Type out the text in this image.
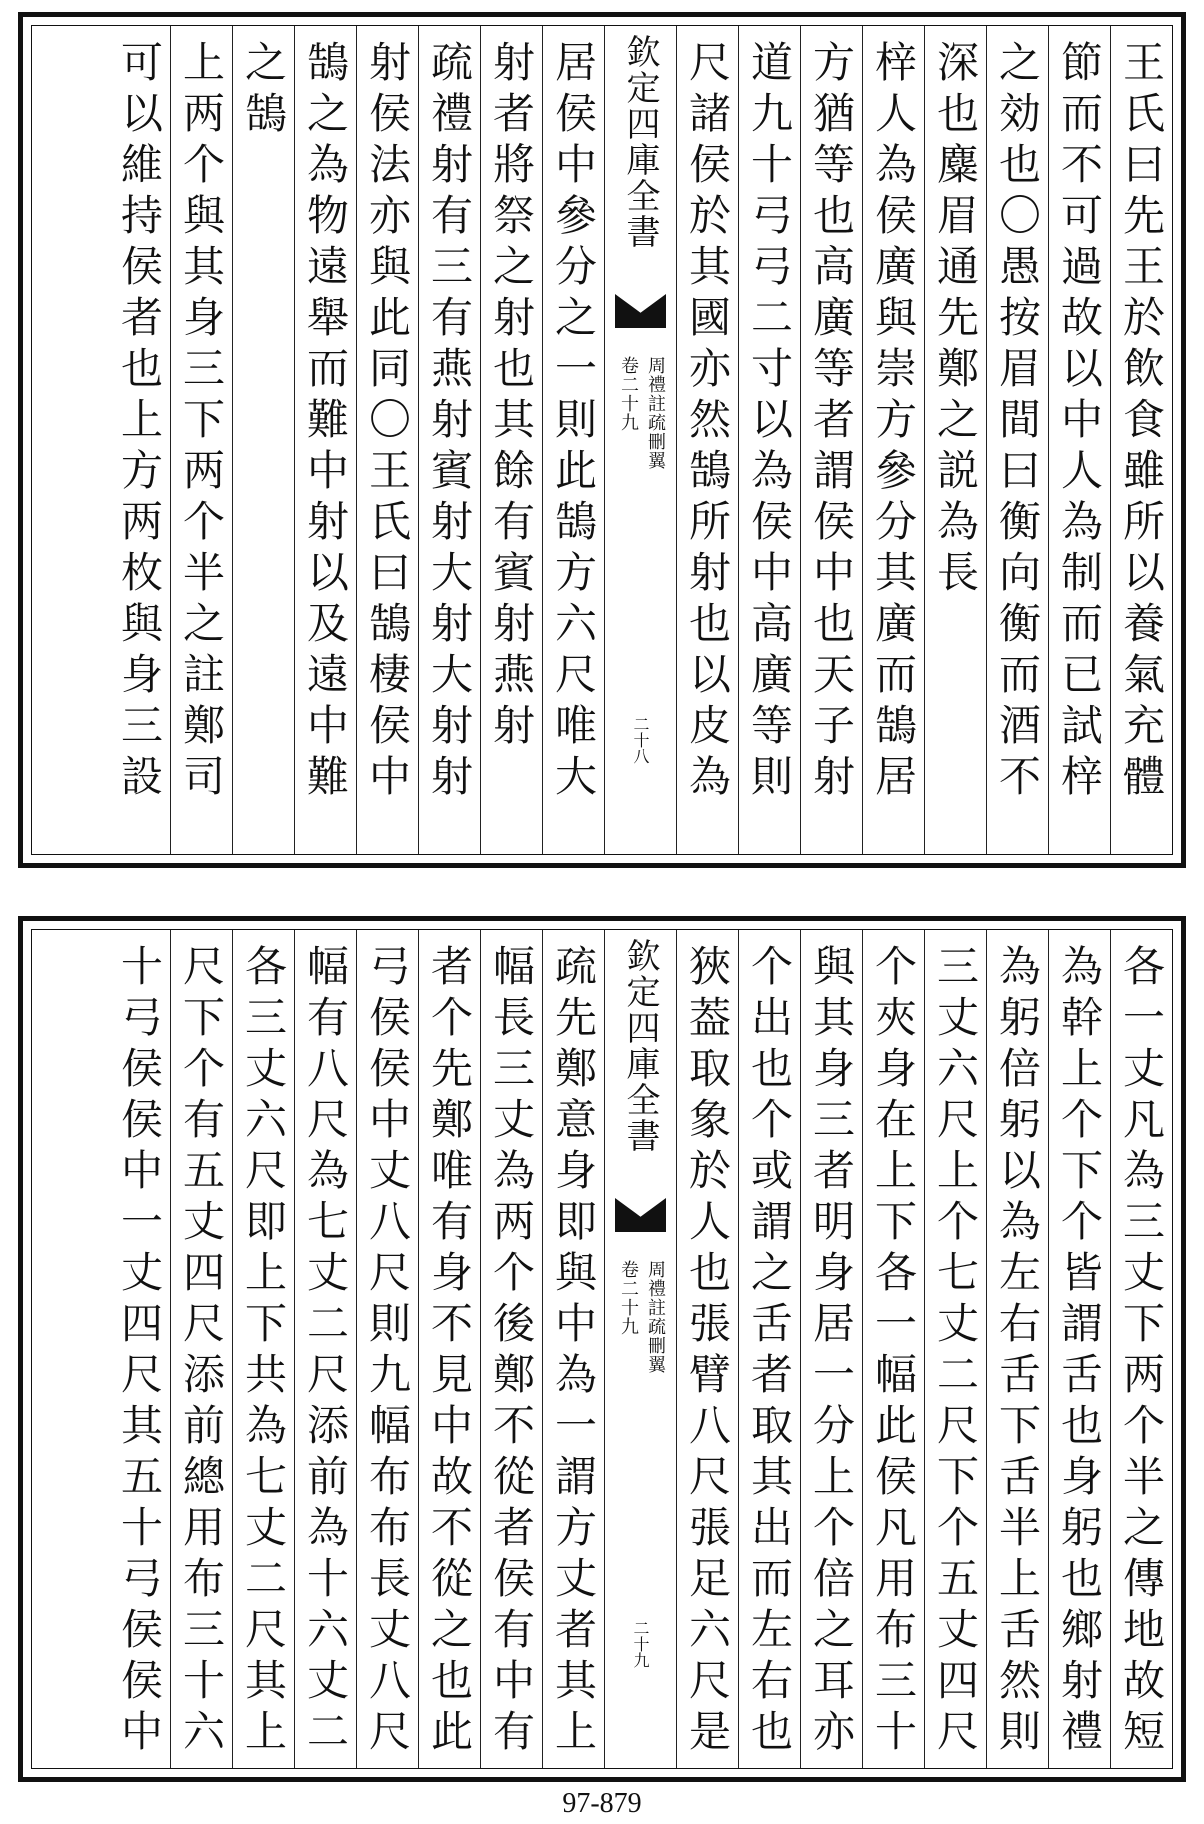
王氏曰先王於飲食雖所以養氣充體
節而不可過故以中人為制而已試梓
之効也〇愚按眉間曰衡向衡而酒不
深也麋眉通先鄭之説為長
梓人為侯廣與崇方參分其廣而鵠居
方猶等也高廣等者謂侯中也天子射
道九十弓弓二寸以為侯中高廣等則
尺諸侯於其國亦然鵠所射也以皮為
欽定四庫全書
周禮註疏刪翼
卷二十九
二十八
居侯中參分之一則此鵠方六尺唯大
射者將祭之射也其餘有賓射燕射
疏禮射有三有燕射賓射大射大射射
射侯法亦與此同〇王氏曰鵠棲侯中
鵠之為物遠舉而難中射以及遠中難
之鵠
上两个與其身三下两个半之註鄭司
可以維持侯者也上方两枚與身三設
各一丈凡為三丈下两个半之傳地故短
為幹上个下个皆謂舌也身躬也鄉射禮
為躬倍躬以為左右舌下舌半上舌然則
三丈六尺上个七丈二尺下个五丈四尺
个夾身在上下各一幅此侯凡用布三十
與其身三者明身居一分上个倍之耳亦
个出也个或謂之舌者取其出而左右也
狹葢取象於人也張臂八尺張足六尺是
欽定四庫全書
周禮註疏刪翼
卷二十九
二十九
疏先鄭意身即與中為一謂方丈者其上
幅長三丈為两个後鄭不從者侯有中有
者个先鄭唯有身不見中故不從之也此
弓侯侯中丈八尺則九幅布布長丈八尺
幅有八尺為七丈二尺添前為十六丈二
各三丈六尺即上下共為七丈二尺其上
尺下个有五丈四尺添前總用布三十六
十弓侯侯中一丈四尺其五十弓侯侯中
97-879
